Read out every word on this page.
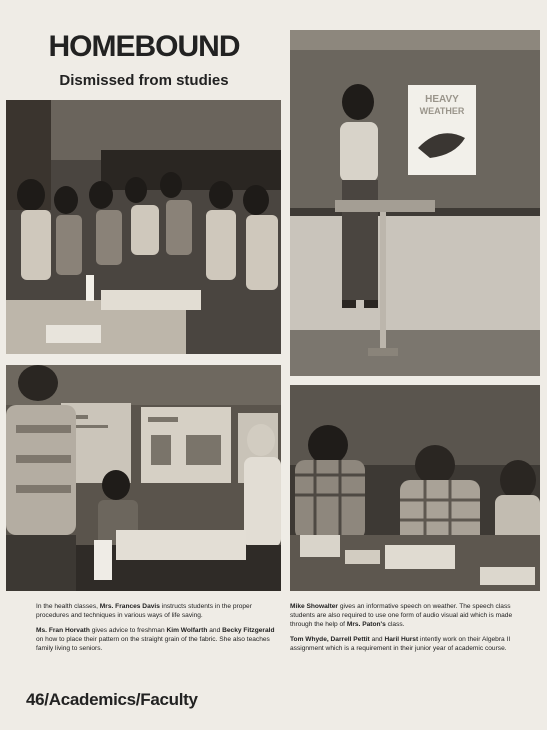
HOMEBOUND
Dismissed from studies
HEAVY
WEATHER

In the health classes, Mrs. Frances Davis instructs students in the proper procedures and techniques in various ways of life saving.

Ms. Fran Horvath gives advice to freshman Kim Wolfarth and Becky Fitzgerald on how to place their pattern on the straight grain of the fabric. She also teaches family living to seniors.

Mike Showalter gives an informative speech on weather. The speech class students are also required to use one form of audio visual aid which is made through the help of Mrs. Paton's class.

Tom Whyde, Darrell Pettit and Haril Hurst intently work on their Algebra II assignment which is a requirement in their junior year of academic course.

46/Academics/Faculty
